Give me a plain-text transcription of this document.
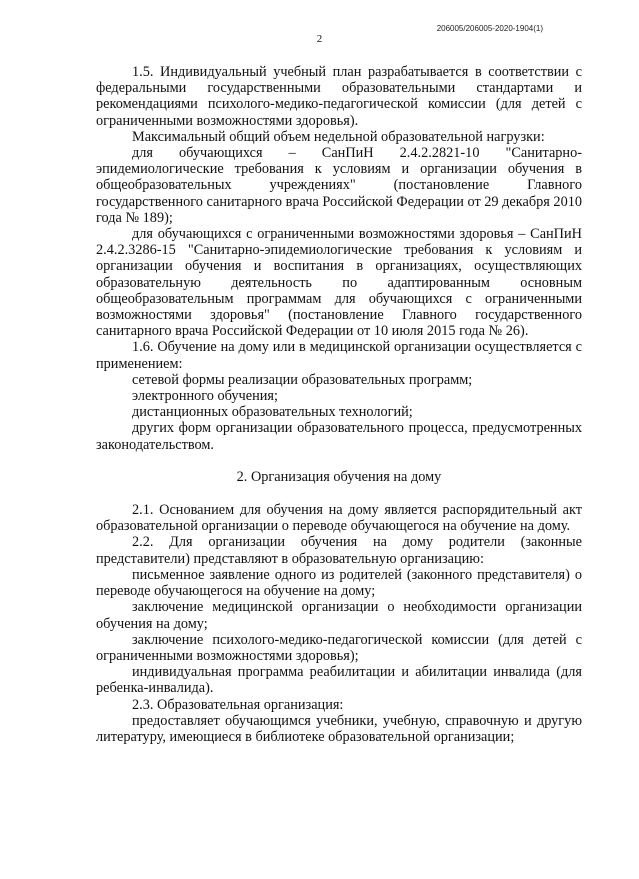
206005/206005-2020-1904(1)
2

1.5. Индивидуальный учебный план разрабатывается в соответствии с федеральными государственными образовательными стандартами и рекомендациями психолого-медико-педагогической комиссии (для детей с ограниченными возможностями здоровья).

Максимальный общий объем недельной образовательной нагрузки:

для обучающихся – СанПиН 2.4.2.2821-10 "Санитарно-эпидемиологические требования к условиям и организации обучения в общеобразовательных учреждениях" (постановление Главного государственного санитарного врача Российской Федерации от 29 декабря 2010 года № 189);

для обучающихся с ограниченными возможностями здоровья – СанПиН 2.4.2.3286-15 "Санитарно-эпидемиологические требования к условиям и организации обучения и воспитания в организациях, осуществляющих образовательную деятельность по адаптированным основным общеобразовательным программам для обучающихся с ограниченными возможностями здоровья" (постановление Главного государственного санитарного врача Российской Федерации от 10 июля 2015 года № 26).

1.6. Обучение на дому или в медицинской организации осуществляется с применением:

сетевой формы реализации образовательных программ;

электронного обучения;

дистанционных образовательных технологий;

других форм организации образовательного процесса, предусмотренных законодательством.

2. Организация обучения на дому

2.1. Основанием для обучения на дому является распорядительный акт образовательной организации о переводе обучающегося на обучение на дому.

2.2. Для организации обучения на дому родители (законные представители) представляют в образовательную организацию:

письменное заявление одного из родителей (законного представителя) о переводе обучающегося на обучение на дому;

заключение медицинской организации о необходимости организации обучения на дому;

заключение психолого-медико-педагогической комиссии (для детей с ограниченными возможностями здоровья);

индивидуальная программа реабилитации и абилитации инвалида (для ребенка-инвалида).

2.3. Образовательная организация:

предоставляет обучающимся учебники, учебную, справочную и другую литературу, имеющиеся в библиотеке образовательной организации;
